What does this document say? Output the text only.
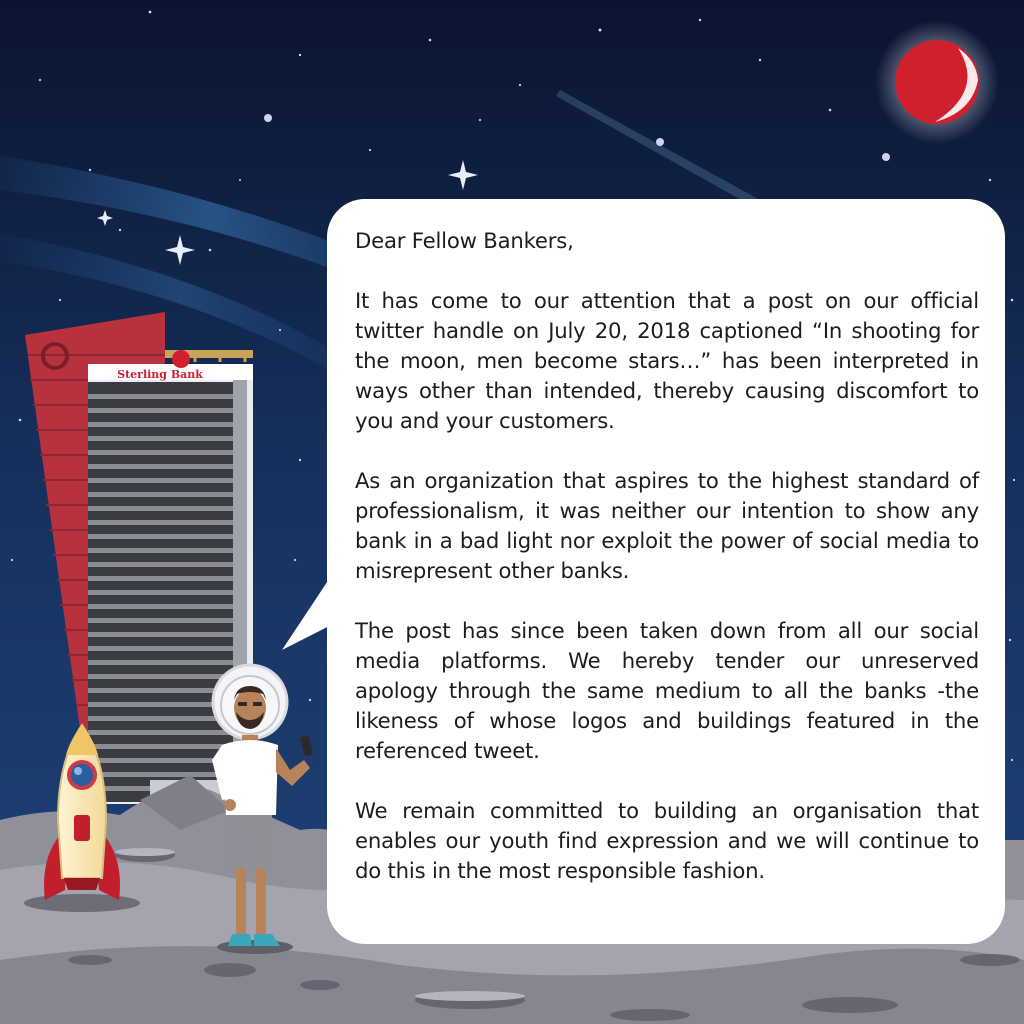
Sterling Bank

Dear Fellow Bankers,

It has come to our attention that a post on our official twitter handle on July 20, 2018 captioned “In shooting for the moon, men become stars…” has been interpreted in ways other than intended, thereby causing discomfort to you and your customers.

As an organization that aspires to the highest standard of professionalism, it was neither our intention to show any bank in a bad light nor exploit the power of social media to misrepresent other banks.

The post has since been taken down from all our social media platforms. We hereby tender our unreserved apology through the same medium to all the banks -the likeness of whose logos and buildings featured in the referenced tweet.

We remain committed to building an organisation that enables our youth find expression and we will continue to do this in the most responsible fashion.
